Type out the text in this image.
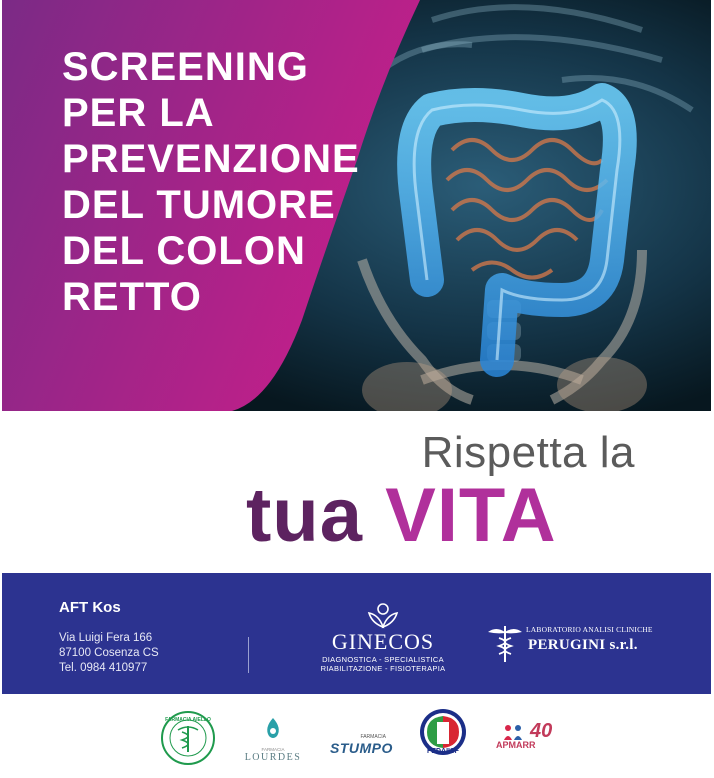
SCREENING
PER LA
PREVENZIONE
DEL TUMORE
DEL COLON
RETTO

Rispetta la

tua VITA

AFT Kos
Via Luigi Fera 166
87100 Cosenza CS
Tel. 0984 410977
GINECOS
DIAGNOSTICA - SPECIALISTICA
RIABILITAZIONE - FISIOTERAPIA
LABORATORIO ANALISI CLINICHE
PERUGINI s.r.l.
FARMACIA AIELLO
FARMACIA
LOURDES
FARMACIA
STUMPO	FEDAIISF
40
APMARR
